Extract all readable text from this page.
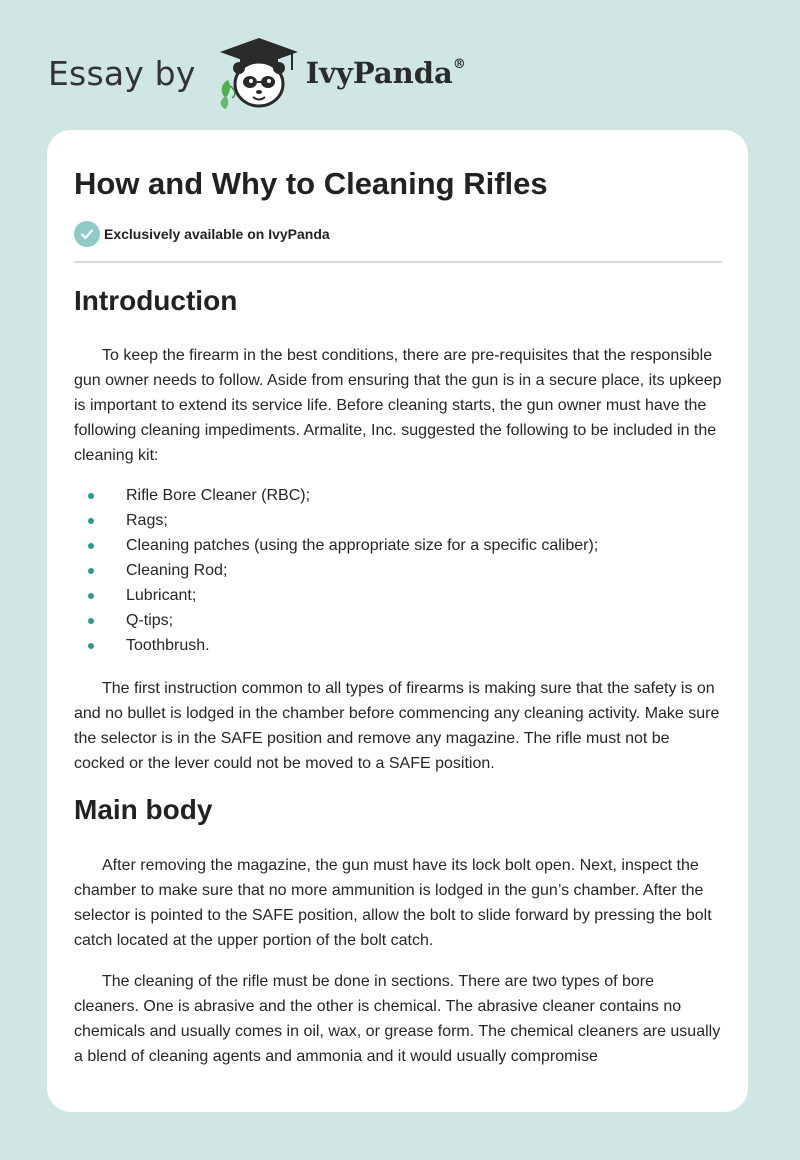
Essay by	IvyPanda®
How and Why to Cleaning Rifles
Exclusively available on IvyPanda
Introduction

To keep the firearm in the best conditions, there are pre-requisites that the responsible gun owner needs to follow. Aside from ensuring that the gun is in a secure place, its upkeep is important to extend its service life. Before cleaning starts, the gun owner must have the following cleaning impediments. Armalite, Inc. suggested the following to be included in the cleaning kit:

Rifle Bore Cleaner (RBC);
Rags;
Cleaning patches (using the appropriate size for a specific caliber);
Cleaning Rod;
Lubricant;
Q-tips;
Toothbrush.

The first instruction common to all types of firearms is making sure that the safety is on and no bullet is lodged in the chamber before commencing any cleaning activity. Make sure the selector is in the SAFE position and remove any magazine. The rifle must not be cocked or the lever could not be moved to a SAFE position.

Main body

After removing the magazine, the gun must have its lock bolt open. Next, inspect the chamber to make sure that no more ammunition is lodged in the gun’s chamber. After the selector is pointed to the SAFE position, allow the bolt to slide forward by pressing the bolt catch located at the upper portion of the bolt catch.

The cleaning of the rifle must be done in sections. There are two types of bore cleaners. One is abrasive and the other is chemical. The abrasive cleaner contains no chemicals and usually comes in oil, wax, or grease form. The chemical cleaners are usually a blend of cleaning agents and ammonia and it would usually compromise
